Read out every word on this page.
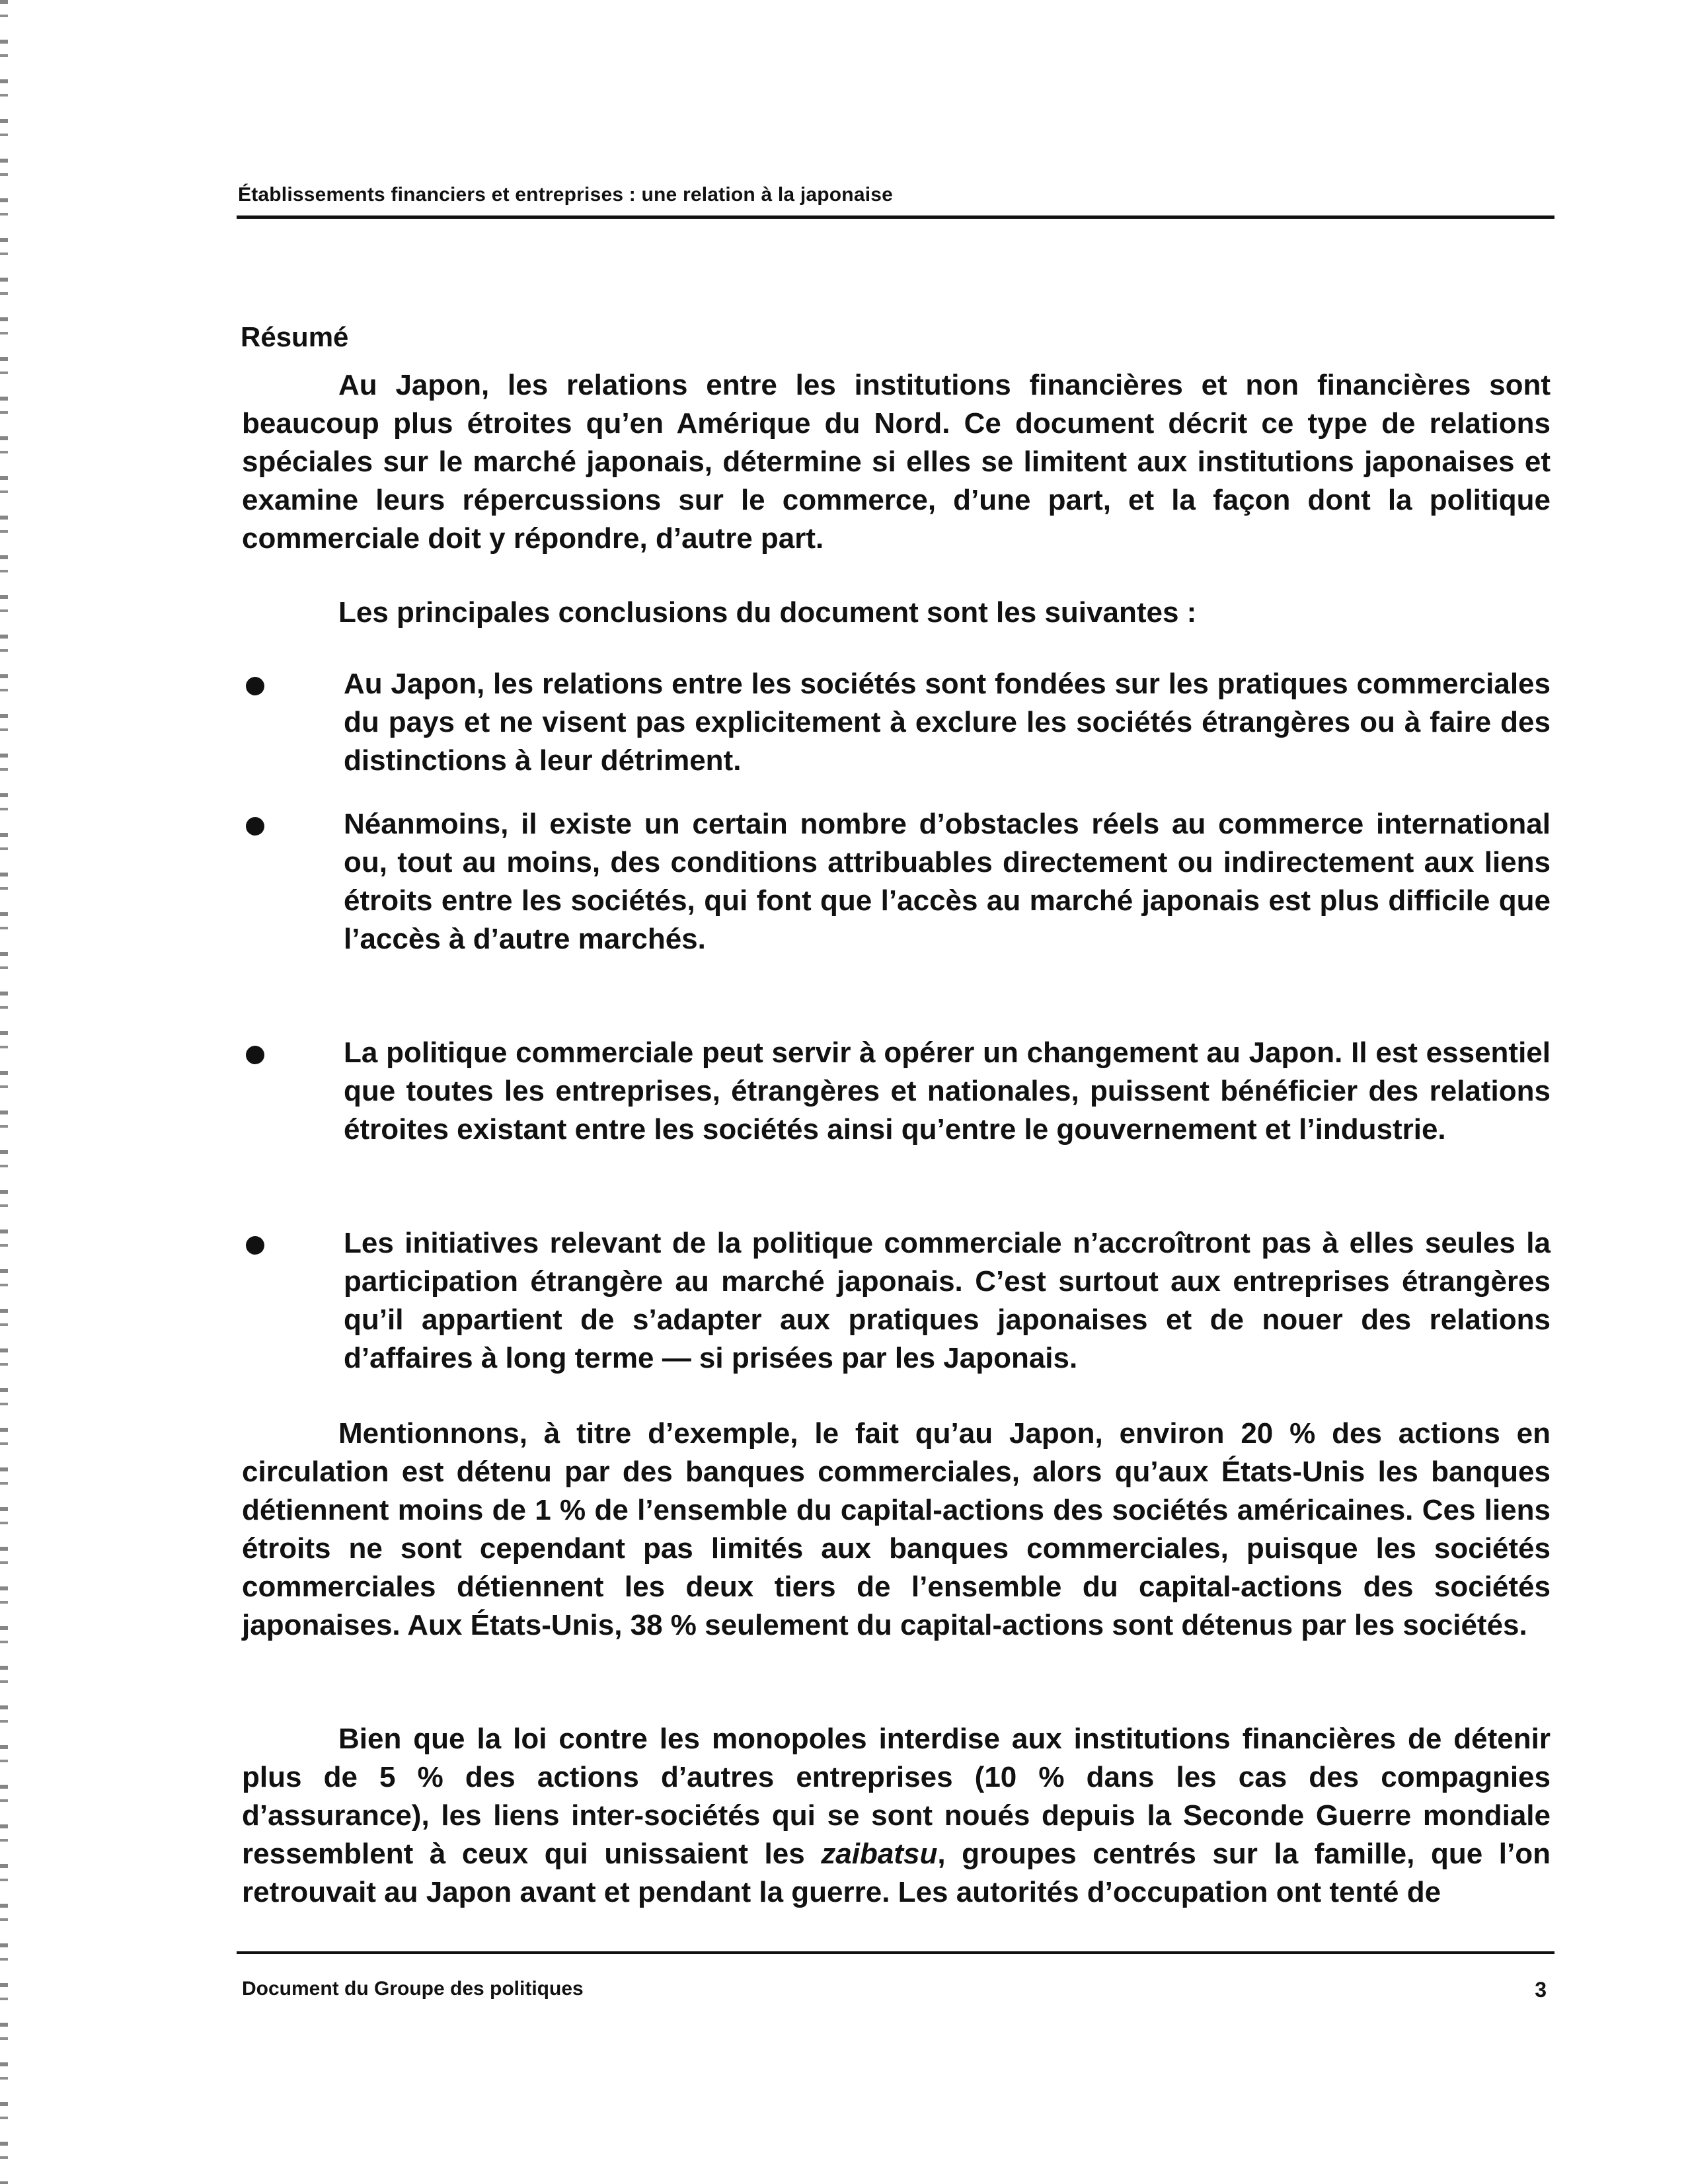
Établissements financiers et entreprises : une relation à la japonaise
Résumé

Au Japon, les relations entre les institutions financières et non financières sont beaucoup plus étroites qu’en Amérique du Nord. Ce document décrit ce type de relations spéciales sur le marché japonais, détermine si elles se limitent aux institutions japonaises et examine leurs répercussions sur le commerce, d’une part, et la façon dont la politique commerciale doit y répondre, d’autre part.

Les principales conclusions du document sont les suivantes :

Au Japon, les relations entre les sociétés sont fondées sur les pratiques commerciales du pays et ne visent pas explicitement à exclure les sociétés étrangères ou à faire des distinctions à leur détriment.

Néanmoins, il existe un certain nombre d’obstacles réels au commerce international ou, tout au moins, des conditions attribuables directement ou indirectement aux liens étroits entre les sociétés, qui font que l’accès au marché japonais est plus difficile que l’accès à d’autre marchés.

La politique commerciale peut servir à opérer un changement au Japon. Il est essentiel que toutes les entreprises, étrangères et nationales, puissent bénéficier des relations étroites existant entre les sociétés ainsi qu’entre le gouvernement et l’industrie.

Les initiatives relevant de la politique commerciale n’accroîtront pas à elles seules la participation étrangère au marché japonais. C’est surtout aux entreprises étrangères qu’il appartient de s’adapter aux pratiques japonaises et de nouer des relations d’affaires à long terme — si prisées par les Japonais.

Mentionnons, à titre d’exemple, le fait qu’au Japon, environ 20 % des actions en circulation est détenu par des banques commerciales, alors qu’aux États-Unis les banques détiennent moins de 1 % de l’ensemble du capital-actions des sociétés américaines. Ces liens étroits ne sont cependant pas limités aux banques commerciales, puisque les sociétés commerciales détiennent les deux tiers de l’ensemble du capital-actions des sociétés japonaises. Aux États-Unis, 38 % seulement du capital-actions sont détenus par les sociétés.

Bien que la loi contre les monopoles interdise aux institutions financières de détenir plus de 5 % des actions d’autres entreprises (10 % dans les cas des compagnies d’assurance), les liens inter-sociétés qui se sont noués depuis la Seconde Guerre mondiale ressemblent à ceux qui unissaient les zaibatsu, groupes centrés sur la famille, que l’on retrouvait au Japon avant et pendant la guerre. Les autorités d’occupation ont tenté de

Document du Groupe des politiques	3
